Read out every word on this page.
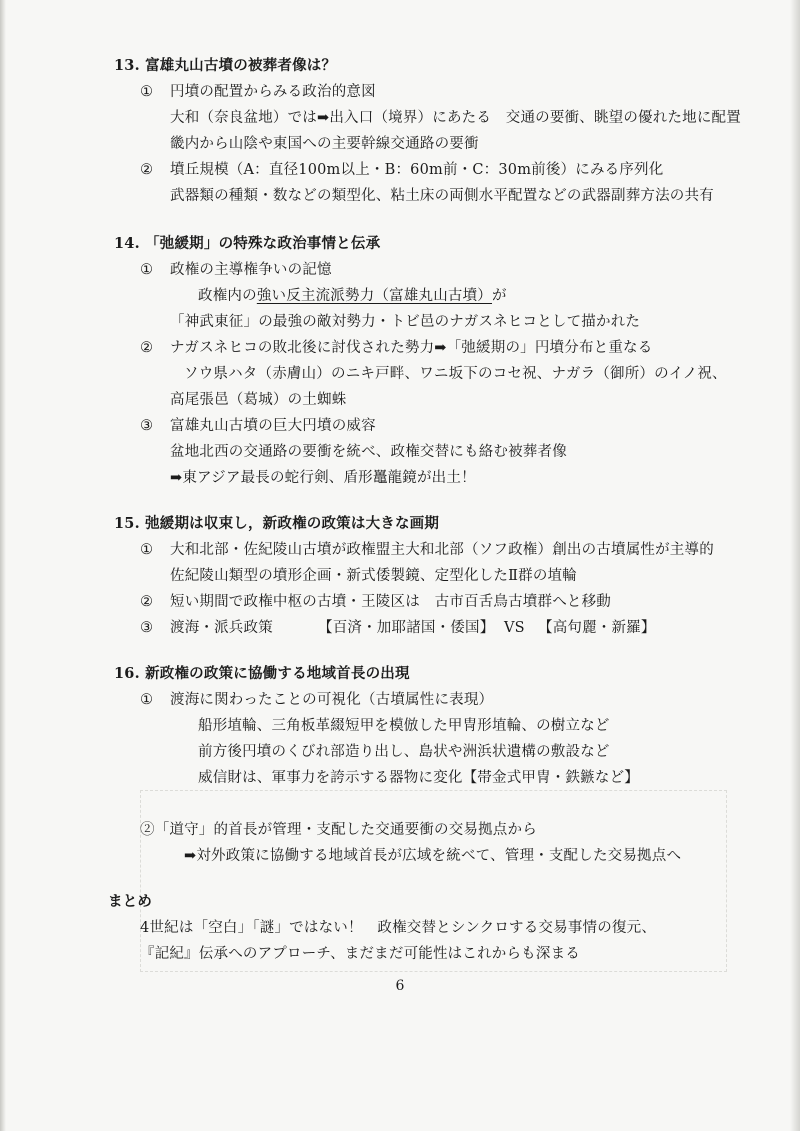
13. 富雄丸山古墳の被葬者像は？
① 円墳の配置からみる政治的意図
大和（奈良盆地）では➡出入口（境界）にあたる　交通の要衝、眺望の優れた地に配置
畿内から山陰や東国への主要幹線交通路の要衝
② 墳丘規模（A：直径100m以上・B：60m前・C：30m前後）にみる序列化
武器類の種類・数などの類型化、粘土床の両側水平配置などの武器副葬方法の共有
14. 「弛緩期」の特殊な政治事情と伝承
① 政権の主導権争いの記憶
政権内の強い反主流派勢力（富雄丸山古墳）が
「神武東征」の最強の敵対勢力・トビ邑のナガスネヒコとして描かれた
② ナガスネヒコの敗北後に討伐された勢力➡「弛緩期の」円墳分布と重なる
ソウ県ハタ（赤膚山）のニキ戸畔、ワニ坂下のコセ祝、ナガラ（御所）のイノ祝、
高尾張邑（葛城）の土蜘蛛
③ 富雄丸山古墳の巨大円墳の威容
盆地北西の交通路の要衝を統べ、政権交替にも絡む被葬者像
➡東アジア最長の蛇行剣、盾形鼉龍鏡が出土！
15. 弛緩期は収束し，新政権の政策は大きな画期
① 大和北部・佐紀陵山古墳が政権盟主大和北部（ソフ政権）創出の古墳属性が主導的
佐紀陵山類型の墳形企画・新式倭製鏡、定型化したⅡ群の埴輪
② 短い期間で政権中枢の古墳・王陵区は　古市百舌鳥古墳群へと移動
③ 渡海・派兵政策	【百済・加耶諸国・倭国】 VS 【高句麗・新羅】
16. 新政権の政策に協働する地域首長の出現
① 渡海に関わったことの可視化（古墳属性に表現）
船形埴輪、三角板革綴短甲を模倣した甲冑形埴輪、の樹立など
前方後円墳のくびれ部造り出し、島状や洲浜状遺構の敷設など
威信財は、軍事力を誇示する器物に変化【帯金式甲冑・鉄鏃など】
②「道守」的首長が管理・支配した交通要衝の交易拠点から
➡対外政策に協働する地域首長が広域を統べて、管理・支配した交易拠点へ
まとめ
4世紀は「空白」「謎」ではない！　政権交替とシンクロする交易事情の復元、
『記紀』伝承へのアプローチ、まだまだ可能性はこれからも深まる
6
